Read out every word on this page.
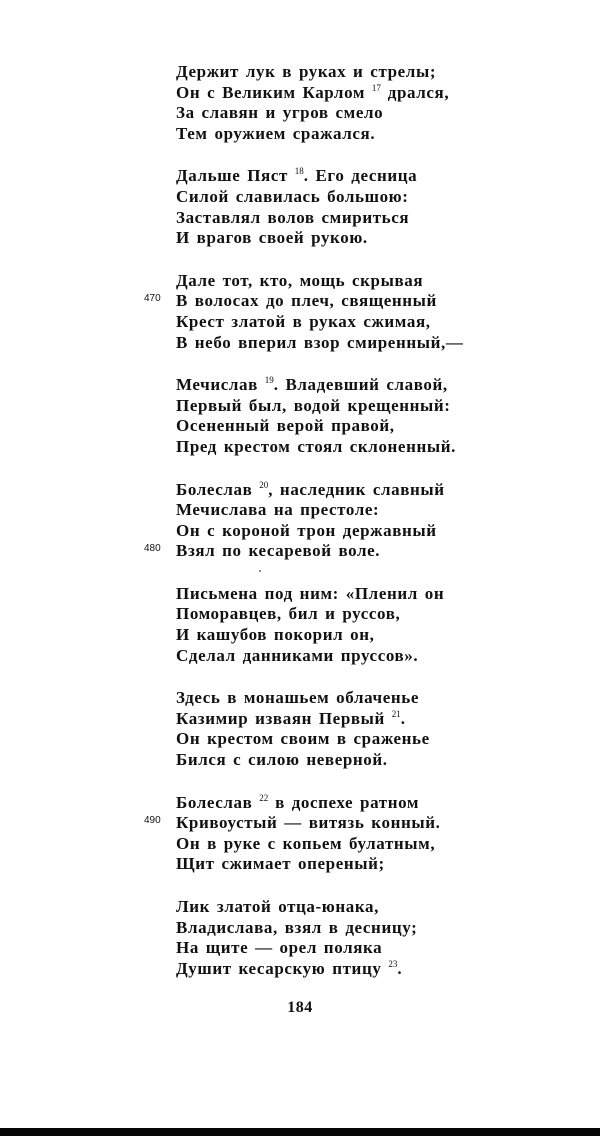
Держит лук в руках и стрелы;
Он с Великим Карлом $^{17}$ дрался,
За славян и угров смело
Тем оружием сражался.
Дальше Пяст $^{18}$. Его десница
Силой славилась большою:
Заставлял волов смириться
И врагов своей рукою.
Дале тот, кто, мощь скрывая
470 В волосах до плеч, священный
Крест златой в руках сжимая,
В небо вперил взор смиренный,—
Мечислав $^{19}$. Владевший славой,
Первый был, водой крещенный:
Осененный верой правой,
Пред крестом стоял склоненный.
Болеслав $^{20}$, наследник славный
Мечислава на престоле:
Он с короной трон державный
480 Взял по кесаревой воле.
Письмена под ним: «Пленил он
Поморавцев, бил и руссов,
И кашубов покорил он,
Сделал данниками пруссов».
Здесь в монашьем облаченье
Казимир изваян Первый $^{21}$.
Он крестом своим в сраженье
Бился с силою неверной.
Болеслав $^{22}$ в доспехе ратном
490 Кривоустый — витязь конный.
Он в руке с копьем булатным,
Щит сжимает опереный;
Лик златой отца-юнака,
Владислава, взял в десницу;
На щите — орел поляка
Душит кесарскую птицу $^{23}$.
184
